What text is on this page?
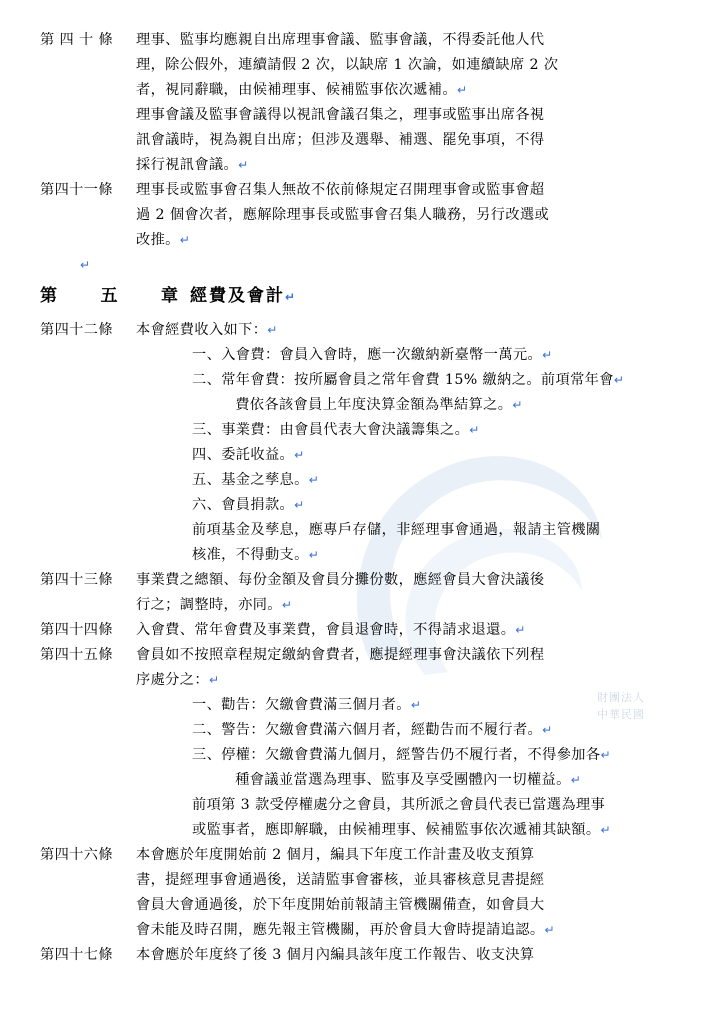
財團法人
中華民國
第 四 十 條	理事、監事均應親自出席理事會議、監事會議，不得委託他人代
理，除公假外，連續請假 2 次，以缺席 1 次論，如連續缺席 2 次
者，視同辭職，由候補理事、候補監事依次遞補。↵
理事會議及監事會議得以視訊會議召集之，理事或監事出席各視
訊會議時，視為親自出席；但涉及選舉、補選、罷免事項，不得
採行視訊會議。↵
第四十一條	理事長或監事會召集人無故不依前條規定召開理事會或監事會超
過 2 個會次者，應解除理事長或監事會召集人職務，另行改選或
改推。↵
↵
第 五 章 經費及會計↵
第四十二條	本會經費收入如下：↵
一、 入會費：會員入會時，應一次繳納新臺幣一萬元。↵
二、 常年會費：按所屬會員之常年會費 15% 繳納之。前項常年會↵
費依各該會員上年度決算金額為準結算之。↵
三、 事業費：由會員代表大會決議籌集之。↵
四、 委託收益。↵
五、 基金之孳息。↵
六、 會員捐款。↵
前項基金及孳息，應專戶存儲，非經理事會通過，報請主管機關
核准，不得動支。↵
第四十三條	事業費之總額、每份金額及會員分攤份數，應經會員大會決議後
行之；調整時，亦同。↵
第四十四條	入會費、常年會費及事業費，會員退會時，不得請求退還。↵
第四十五條	會員如不按照章程規定繳納會費者，應提經理事會決議依下列程
序處分之：↵
一、 勸告：欠繳會費滿三個月者。↵
二、 警告：欠繳會費滿六個月者，經勸告而不履行者。↵
三、 停權：欠繳會費滿九個月，經警告仍不履行者，不得參加各↵
種會議並當選為理事、監事及享受團體內一切權益。↵
前項第 3 款受停權處分之會員，其所派之會員代表已當選為理事
或監事者，應即解職，由候補理事、候補監事依次遞補其缺額。↵
第四十六條	本會應於年度開始前 2 個月，編具下年度工作計畫及收支預算
書，提經理事會通過後，送請監事會審核，並具審核意見書提經
會員大會通過後，於下年度開始前報請主管機關備查，如會員大
會未能及時召開，應先報主管機關，再於會員大會時提請追認。↵
第四十七條	本會應於年度終了後 3 個月內編具該年度工作報告、收支決算
